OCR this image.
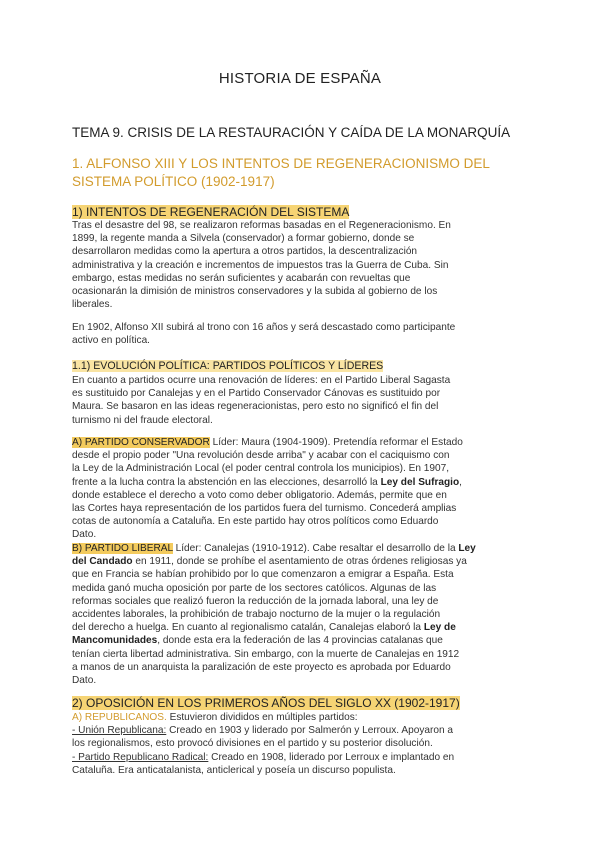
HISTORIA DE ESPAÑA
TEMA 9. CRISIS DE LA RESTAURACIÓN Y CAÍDA DE LA MONARQUÍA
1. ALFONSO XIII Y LOS INTENTOS DE REGENERACIONISMO DEL
SISTEMA POLÍTICO (1902-1917)
1) INTENTOS DE REGENERACIÓN DEL SISTEMA
Tras el desastre del 98, se realizaron reformas basadas en el Regeneracionismo. En
1899, la regente manda a Silvela (conservador) a formar gobierno, donde se
desarrollaron medidas como la apertura a otros partidos, la descentralización
administrativa y la creación e incrementos de impuestos tras la Guerra de Cuba. Sin
embargo, estas medidas no serán suficientes y acabarán con revueltas que
ocasionarán la dimisión de ministros conservadores y la subida al gobierno de los
liberales.
En 1902, Alfonso XII subirá al trono con 16 años y será descastado como participante
activo en política.
1.1) EVOLUCIÓN POLÍTICA: PARTIDOS POLÍTICOS Y LÍDERES
En cuanto a partidos ocurre una renovación de líderes: en el Partido Liberal Sagasta
es sustituido por Canalejas y en el Partido Conservador Cánovas es sustituido por
Maura. Se basaron en las ideas regeneracionistas, pero esto no significó el fin del
turnismo ni del fraude electoral.
A) PARTIDO CONSERVADOR Líder: Maura (1904-1909). Pretendía reformar el Estado
desde el propio poder "Una revolución desde arriba" y acabar con el caciquismo con
la Ley de la Administración Local (el poder central controla los municipios). En 1907,
frente a la lucha contra la abstención en las elecciones, desarrolló la Ley del Sufragio,
donde establece el derecho a voto como deber obligatorio. Además, permite que en
las Cortes haya representación de los partidos fuera del turnismo. Concederá amplias
cotas de autonomía a Cataluña. En este partido hay otros políticos como Eduardo
Dato.
B) PARTIDO LIBERAL Líder: Canalejas (1910-1912). Cabe resaltar el desarrollo de la Ley
del Candado en 1911, donde se prohíbe el asentamiento de otras órdenes religiosas ya
que en Francia se habían prohibido por lo que comenzaron a emigrar a España. Esta
medida ganó mucha oposición por parte de los sectores católicos. Algunas de las
reformas sociales que realizó fueron la reducción de la jornada laboral, una ley de
accidentes laborales, la prohibición de trabajo nocturno de la mujer o la regulación
del derecho a huelga. En cuanto al regionalismo catalán, Canalejas elaboró la Ley de
Mancomunidades, donde esta era la federación de las 4 provincias catalanas que
tenían cierta libertad administrativa. Sin embargo, con la muerte de Canalejas en 1912
a manos de un anarquista la paralización de este proyecto es aprobada por Eduardo
Dato.
2) OPOSICIÓN EN LOS PRIMEROS AÑOS DEL SIGLO XX (1902-1917)
A) REPUBLICANOS. Estuvieron divididos en múltiples partidos:
- Unión Republicana: Creado en 1903 y liderado por Salmerón y Lerroux. Apoyaron a
los regionalismos, esto provocó divisiones en el partido y su posterior disolución.
- Partido Republicano Radical: Creado en 1908, liderado por Lerroux e implantado en
Cataluña. Era anticatalanista, anticlerical y poseía un discurso populista.
